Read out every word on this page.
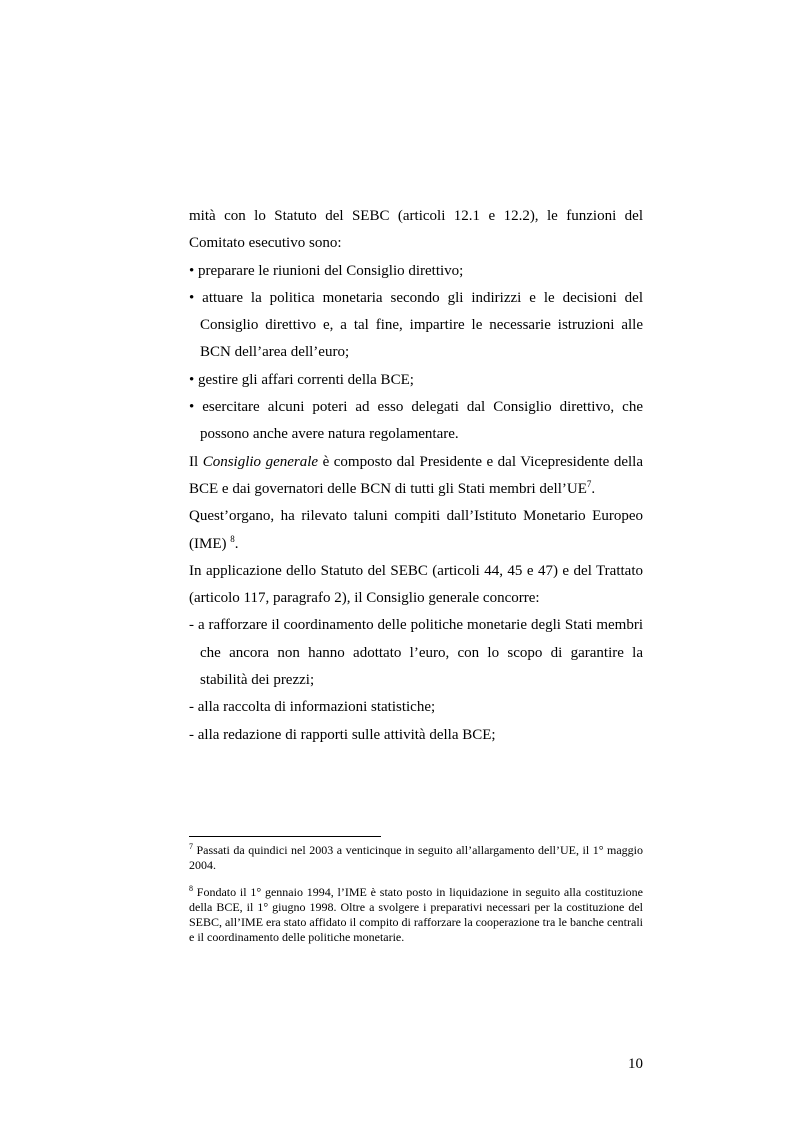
mità con lo Statuto del SEBC (articoli 12.1 e 12.2), le funzioni del Comitato esecutivo sono:

• preparare le riunioni del Consiglio direttivo;

• attuare la politica monetaria secondo gli indirizzi e le decisioni del Consiglio direttivo e, a tal fine, impartire le necessarie istruzioni alle BCN dell’area dell’euro;

• gestire gli affari correnti della BCE;

• esercitare alcuni poteri ad esso delegati dal Consiglio direttivo, che possono anche avere natura regolamentare.

Il Consiglio generale è composto dal Presidente e dal Vicepresidente della BCE e dai governatori delle BCN di tutti gli Stati membri $dell’UE^7$.

Quest’organo, ha rilevato taluni compiti dall’Istituto Monetario Europeo (IME) $^8$.

In applicazione dello Statuto del SEBC (articoli 44, 45 e 47) e del Trattato (articolo 117, paragrafo 2), il Consiglio generale concorre:

- a rafforzare il coordinamento delle politiche monetarie degli Stati membri che ancora non hanno adottato l’euro, con lo scopo di garantire la stabilità dei prezzi;

- alla raccolta di informazioni statistiche;

- alla redazione di rapporti sulle attività della BCE;

$^7$ Passati da quindici nel 2003 a venticinque in seguito all’allargamento dell’UE, il 1° maggio 2004.

$^8$ Fondato il 1° gennaio 1994, l’IME è stato posto in liquidazione in seguito alla costituzione della BCE, il 1° giugno 1998. Oltre a svolgere i preparativi necessari per la costituzione del SEBC, all’IME era stato affidato il compito di rafforzare la cooperazione tra le banche centrali e il coordinamento delle politiche monetarie.

10
